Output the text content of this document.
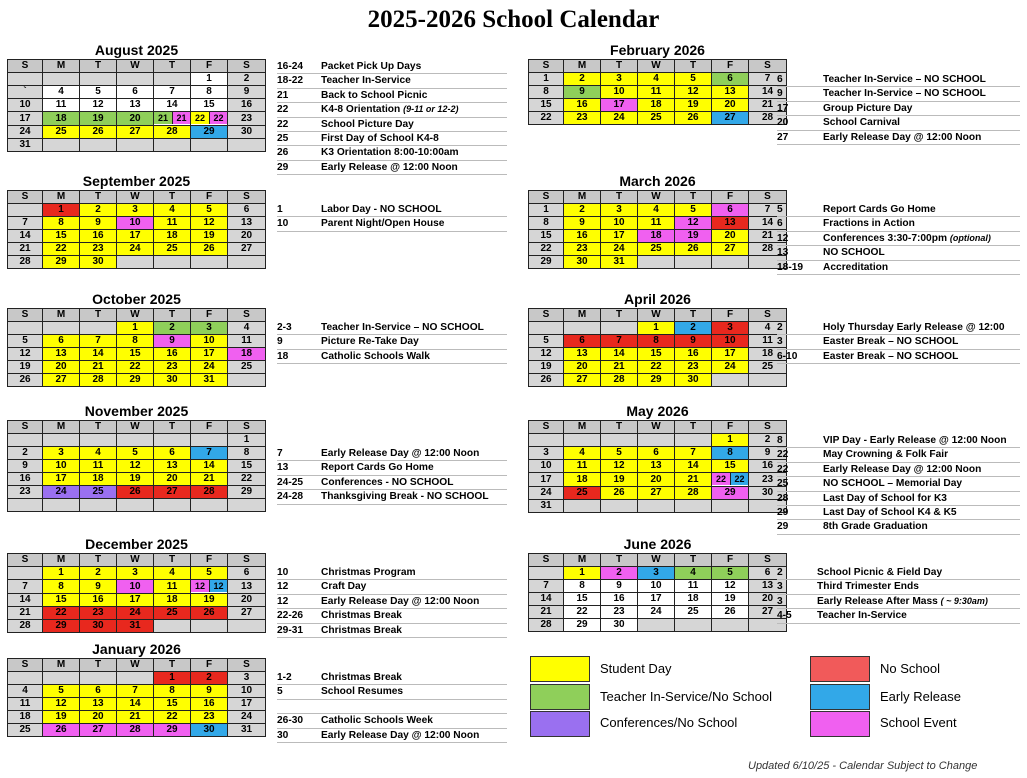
2025-2026 School Calendar
August 2025
S	M	T	W	T	F	S
					1	2
`	4	5	6	7	8	9
10	11	12	13	14	15	16
17	18	19	20	21 21	22 22	23
24	25	26	27	28	29	30
31						
16-24 Packet Pick Up Days
18-22 Teacher In-Service
21	Back to School Picnic
22	K4-8 Orientation (9-11 or 12-2)
22	School Picture Day
25	First Day of School K4-8
26	K3 Orientation 8:00-10:00am
29	Early Release @ 12:00 Noon
September 2025
S	M	T	W	T	F	S
	1	2	3	4	5	6
7	8	9	10	11	12	13
14	15	16	17	18	19	20
21	22	23	24	25	26	27
28	29	30				
1	Labor Day - NO SCHOOL
10	Parent Night/Open House
October 2025
S	M	T	W	T	F	S
			1	2	3	4
5	6	7	8	9	10	11
12	13	14	15	16	17	18
19	20	21	22	23	24	25
26	27	28	29	30	31	
2-3	Teacher In-Service – NO SCHOOL
9	Picture Re-Take Day
18	Catholic Schools Walk
November 2025
S	M	T	W	T	F	S
						1
2	3	4	5	6	7	8
9	10	11	12	13	14	15
16	17	18	19	20	21	22
23	24	25	26	27	28	29

7	Early Release Day @ 12:00 Noon
13	Report Cards Go Home
24-25 Conferences - NO SCHOOL
24-28 Thanksgiving Break - NO SCHOOL
December 2025
S	M	T	W	T	F	S
	1	2	3	4	5	6
7	8	9	10	11	12 12	13
14	15	16	17	18	19	20
21	22	23	24	25	26	27
28	29	30	31			
10	Christmas Program
12	Craft Day
12	Early Release Day @ 12:00 Noon
22-26 Christmas Break
29-31 Christmas Break
January 2026
S	M	T	W	T	F	S
				1	2	3
4	5	6	7	8	9	10
11	12	13	14	15	16	17
18	19	20	21	22	23	24
25	26	27	28	29	30	31
1-2	Christmas Break
5	School Resumes
26-30 Catholic Schools Week
30	Early Release Day @ 12:00 Noon
February 2026
S	M	T	W	T	F	S
1	2	3	4	5	6	7
8	9	10	11	12	13	14
15	16	17	18	19	20	21
22	23	24	25	26	27	28
6	Teacher In-Service – NO SCHOOL
9	Teacher In-Service – NO SCHOOL
17	Group Picture Day
20	School Carnival
27	Early Release Day @ 12:00 Noon
March 2026
S	M	T	W	T	F	S
1	2	3	4	5	6	7
8	9	10	11	12	13	14
15	16	17	18	19	20	21
22	23	24	25	26	27	28
29	30	31				
5	Report Cards Go Home
6	Fractions in Action
12	Conferences 3:30-7:00pm (optional)
13	NO SCHOOL
18-19 Accreditation
April 2026
S	M	T	W	T	F	S
			1	2	3	4
5	6	7	8	9	10	11
12	13	14	15	16	17	18
19	20	21	22	23	24	25
26	27	28	29	30		
2	Holy Thursday Early Release @ 12:00
3	Easter Break – NO SCHOOL
6-10	Easter Break – NO SCHOOL
May 2026
S	M	T	W	T	F	S
					1	2
3	4	5	6	7	8	9
10	11	12	13	14	15	16
17	18	19	20	21	22 22	23
24	25	26	27	28	29	30
31						
8	VIP Day - Early Release @ 12:00 Noon
22	May Crowning & Folk Fair
22	Early Release Day @ 12:00 Noon
25	NO SCHOOL – Memorial Day
28	Last Day of School for K3
29	Last Day of School K4 & K5
29	8th Grade Graduation
June 2026
S	M	T	W	T	F	S
	1	2	3	4	5	6
7	8	9	10	11	12	13
14	15	16	17	18	19	20
21	22	23	24	25	26	27
28	29	30				
2	School Picnic & Field Day
3	Third Trimester Ends
3	Early Release After Mass ( ~ 9:30am)
4-5 Teacher In-Service
Student Day
Teacher In-Service/No School
Conferences/No School
No School
Early Release
School Event
Updated 6/10/25 - Calendar Subject to Change
